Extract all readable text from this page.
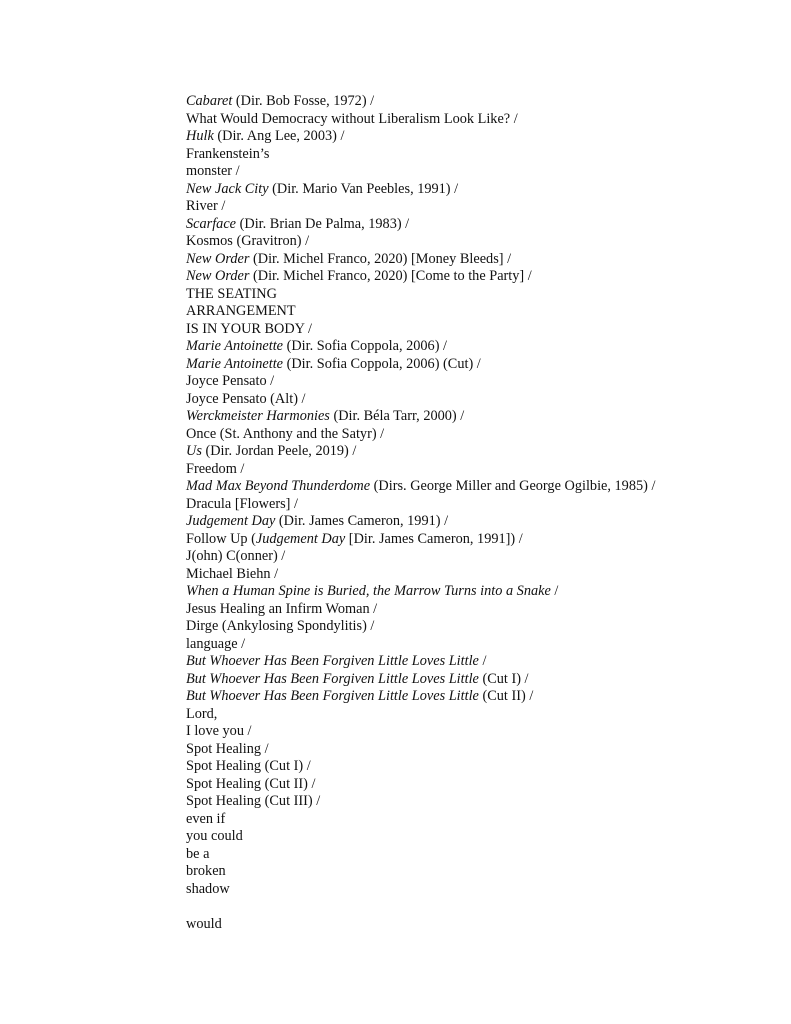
Cabaret (Dir. Bob Fosse, 1972) /
What Would Democracy without Liberalism Look Like? /
Hulk (Dir. Ang Lee, 2003) /
Frankenstein’s
monster /
New Jack City (Dir. Mario Van Peebles, 1991) /
River /
Scarface (Dir. Brian De Palma, 1983) /
Kosmos (Gravitron) /
New Order (Dir. Michel Franco, 2020) [Money Bleeds] /
New Order (Dir. Michel Franco, 2020) [Come to the Party] /
THE SEATING
ARRANGEMENT
IS IN YOUR BODY /
Marie Antoinette (Dir. Sofia Coppola, 2006) /
Marie Antoinette (Dir. Sofia Coppola, 2006) (Cut) /
Joyce Pensato /
Joyce Pensato (Alt) /
Werckmeister Harmonies (Dir. Béla Tarr, 2000) /
Once (St. Anthony and the Satyr) /
Us (Dir. Jordan Peele, 2019) /
Freedom /
Mad Max Beyond Thunderdome (Dirs. George Miller and George Ogilbie, 1985) /
Dracula [Flowers] /
Judgement Day (Dir. James Cameron, 1991) /
Follow Up (Judgement Day [Dir. James Cameron, 1991]) /
J(ohn) C(onner) /
Michael Biehn /
When a Human Spine is Buried, the Marrow Turns into a Snake /
Jesus Healing an Infirm Woman /
Dirge (Ankylosing Spondylitis) /
language /
But Whoever Has Been Forgiven Little Loves Little /
But Whoever Has Been Forgiven Little Loves Little (Cut I) /
But Whoever Has Been Forgiven Little Loves Little (Cut II) /
Lord,
I love you /
Spot Healing /
Spot Healing (Cut I) /
Spot Healing (Cut II) /
Spot Healing (Cut III) /
even if
you could
be a
broken
shadow
would
